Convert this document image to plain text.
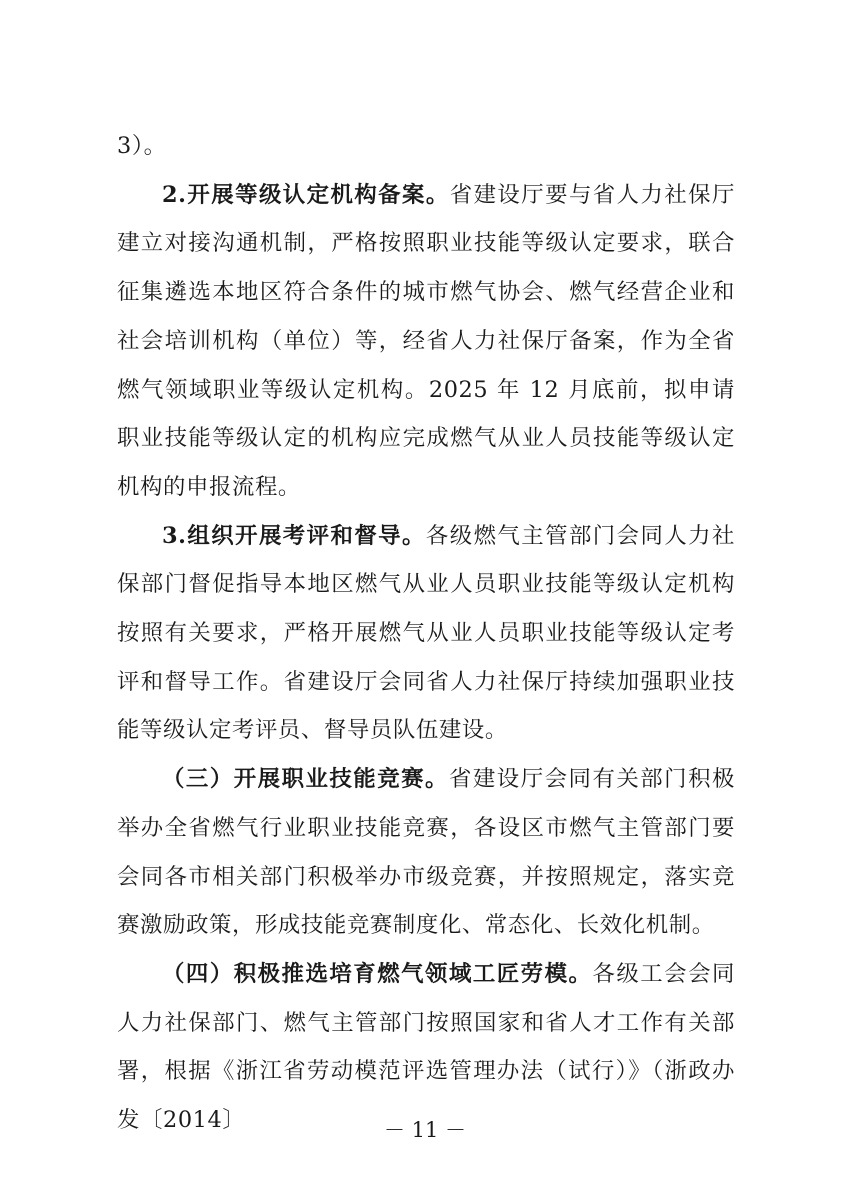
3）。

2.开展等级认定机构备案。省建设厅要与省人力社保厅建立对接沟通机制，严格按照职业技能等级认定要求，联合征集遴选本地区符合条件的城市燃气协会、燃气经营企业和社会培训机构（单位）等，经省人力社保厅备案，作为全省燃气领域职业等级认定机构。2025 年 12 月底前，拟申请职业技能等级认定的机构应完成燃气从业人员技能等级认定机构的申报流程。

3.组织开展考评和督导。各级燃气主管部门会同人力社保部门督促指导本地区燃气从业人员职业技能等级认定机构按照有关要求，严格开展燃气从业人员职业技能等级认定考评和督导工作。省建设厅会同省人力社保厅持续加强职业技能等级认定考评员、督导员队伍建设。

（三）开展职业技能竞赛。省建设厅会同有关部门积极举办全省燃气行业职业技能竞赛，各设区市燃气主管部门要会同各市相关部门积极举办市级竞赛，并按照规定，落实竞赛激励政策，形成技能竞赛制度化、常态化、长效化机制。

（四）积极推选培育燃气领域工匠劳模。各级工会会同人力社保部门、燃气主管部门按照国家和省人才工作有关部署，根据《浙江省劳动模范评选管理办法（试行）》（浙政办发〔2014〕	－ 11 －
